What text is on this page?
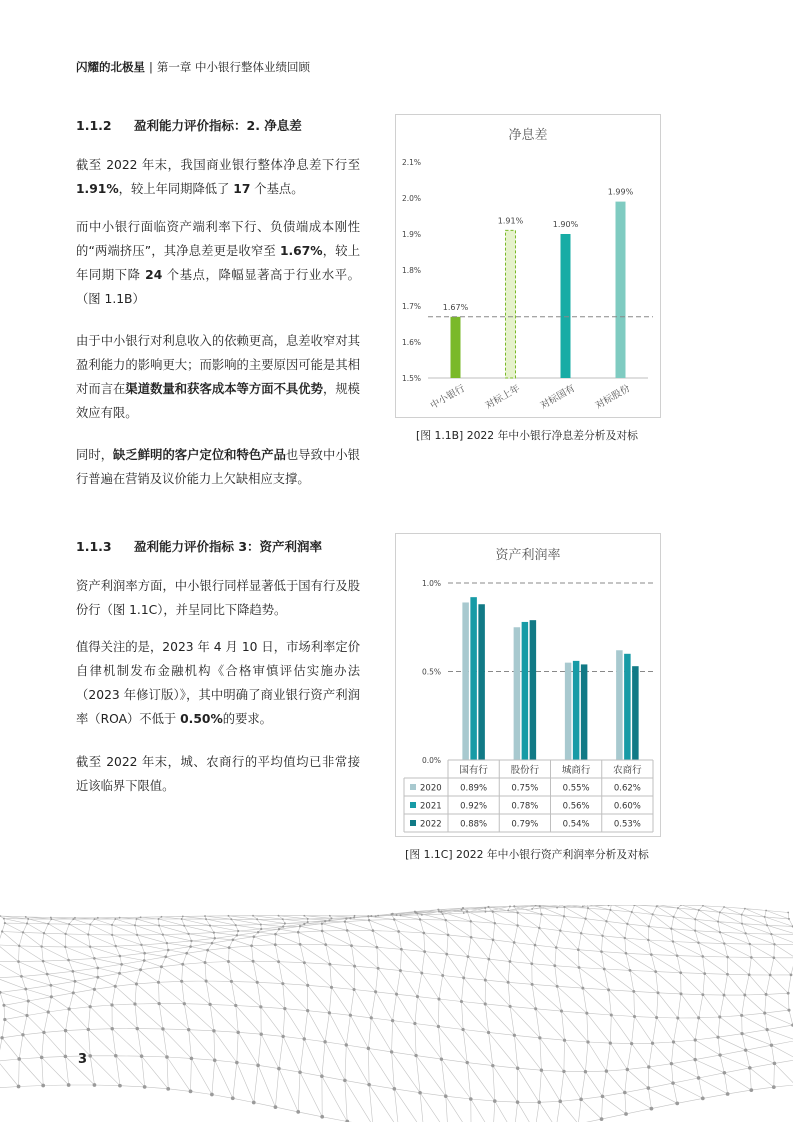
闪耀的北极星 | 第一章 中小银行整体业绩回顾
1.1.2 盈利能力评价指标：2. 净息差

截至 2022 年末，我国商业银行整体净息差下行至 1.91%，较上年同期降低了 17 个基点。

而中小银行面临资产端利率下行、负债端成本刚性的“两端挤压”，其净息差更是收窄至 1.67%，较上年同期下降 24 个基点，降幅显著高于行业水平。（图 1.1B）

由于中小银行对利息收入的依赖更高，息差收窄对其盈利能力的影响更大；而影响的主要原因可能是其相对而言在渠道数量和获客成本等方面不具优势，规模效应有限。

同时，缺乏鲜明的客户定位和特色产品也导致中小银行普遍在营销及议价能力上欠缺相应支撑。

净息差
1.5%
1.6%
1.7%
1.8%
1.9%
2.0%
2.1%
1.67%
中小银行
1.91%
对标上年
1.90%
对标国有
1.99%
对标股份
[图 1.1B] 2022 年中小银行净息差分析及对标
1.1.3 盈利能力评价指标 3：资产利润率

资产利润率方面，中小银行同样显著低于国有行及股份行（图 1.1C），并呈同比下降趋势。

值得关注的是，2023 年 4 月 10 日，市场利率定价自律机制发布金融机构《合格审慎评估实施办法（2023 年修订版）》，其中明确了商业银行资产利润率（ROA）不低于 0.50%的要求。

截至 2022 年末，城、农商行的平均值均已非常接近该临界下限值。

资产利润率
0.0%
0.5%
1.0%
国有行 股份行 城商行 农商行
2020 0.89%	0.75%	0.55%	0.62%
2021 0.92%	0.78%	0.56%	0.60%
2022 0.88%	0.79%	0.54%	0.53%
[图 1.1C] 2022 年中小银行资产利润率分析及对标
3
